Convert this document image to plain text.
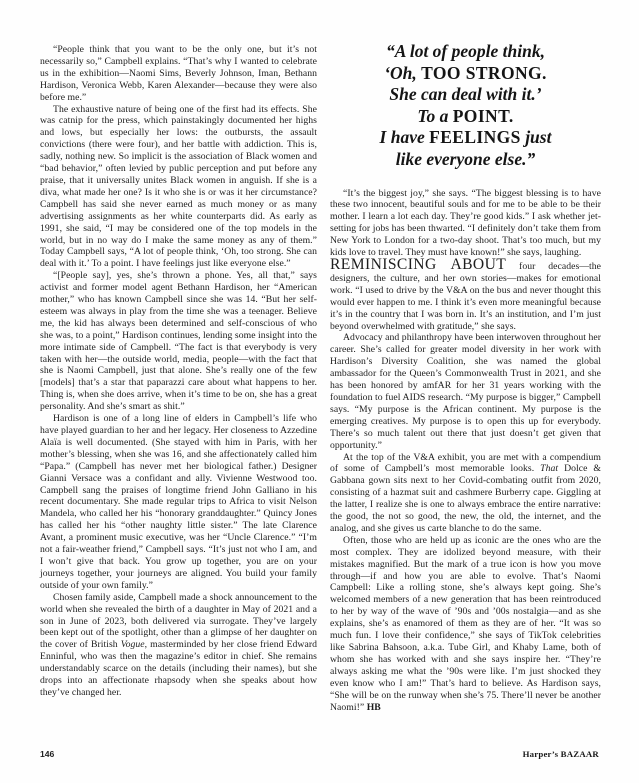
“People think that you want to be the only one, but it’s not necessarily so,” Campbell explains. “That’s why I wanted to celebrate us in the exhibition—Naomi Sims, Beverly Johnson, Iman, Bethann Hardison, Veronica Webb, Karen Alexander—because they were also before me.”

The exhaustive nature of being one of the first had its effects. She was catnip for the press, which painstakingly documented her highs and lows, but especially her lows: the outbursts, the assault convictions (there were four), and her battle with addiction. This is, sadly, nothing new. So implicit is the association of Black women and “bad behavior,” often levied by public perception and put before any praise, that it universally unites Black women in anguish. If she is a diva, what made her one? Is it who she is or was it her circumstance? Campbell has said she never earned as much money or as many advertising assignments as her white counterparts did. As early as 1991, she said, “I may be considered one of the top models in the world, but in no way do I make the same money as any of them.” Today Campbell says, “A lot of people think, ‘Oh, too strong. She can deal with it.’ To a point. I have feelings just like everyone else.”

“[People say], yes, she’s thrown a phone. Yes, all that,” says activist and former model agent Bethann Hardison, her “American mother,” who has known Campbell since she was 14. “But her self-esteem was always in play from the time she was a teenager. Believe me, the kid has always been determined and self-conscious of who she was, to a point,” Hardison continues, lending some insight into the more intimate side of Campbell. “The fact is that everybody is very taken with her—the outside world, media, people—with the fact that she is Naomi Campbell, just that alone. She’s really one of the few [models] that’s a star that paparazzi care about what happens to her. Thing is, when she does arrive, when it’s time to be on, she has a great personality. And she’s smart as shit.”

Hardison is one of a long line of elders in Campbell’s life who have played guardian to her and her legacy. Her closeness to Azzedine Alaïa is well documented. (She stayed with him in Paris, with her mother’s blessing, when she was 16, and she affectionately called him “Papa.” (Campbell has never met her biological father.) Designer Gianni Versace was a confidant and ally. Vivienne Westwood too. Campbell sang the praises of longtime friend John Galliano in his recent documentary. She made regular trips to Africa to visit Nelson Mandela, who called her his “honorary granddaughter.” Quincy Jones has called her his “other naughty little sister.” The late Clarence Avant, a prominent music executive, was her “Uncle Clarence.” “I’m not a fair-weather friend,” Campbell says. “It’s just not who I am, and I won’t give that back. You grow up together, you are on your journeys together, your journeys are aligned. You build your family outside of your own family.”

Chosen family aside, Campbell made a shock announcement to the world when she revealed the birth of a daughter in May of 2021 and a son in June of 2023, both delivered via surrogate. They’ve largely been kept out of the spotlight, other than a glimpse of her daughter on the cover of British Vogue, masterminded by her close friend Edward Enninful, who was then the magazine’s editor in chief. She remains understandably scarce on the details (including their names), but she drops into an affectionate rhapsody when she speaks about how they’ve changed her.

“A lot of people think,
‘Oh, TOO STRONG.
She can deal with it.’
To a POINT.
I have FEELINGS just
like everyone else.”

“It’s the biggest joy,” she says. “The biggest blessing is to have these two innocent, beautiful souls and for me to be able to be their mother. I learn a lot each day. They’re good kids.” I ask whether jet-setting for jobs has been thwarted. “I definitely don’t take them from New York to London for a two-day shoot. That’s too much, but my kids love to travel. They must have known!” she says, laughing.

REMINISCING ABOUT four decades—the designers, the culture, and her own stories—makes for emotional work. “I used to drive by the V&A on the bus and never thought this would ever happen to me. I think it’s even more meaningful because it’s in the country that I was born in. It’s an institution, and I’m just beyond overwhelmed with gratitude,” she says.

Advocacy and philanthropy have been interwoven throughout her career. She’s called for greater model diversity in her work with Hardison’s Diversity Coalition, she was named the global ambassador for the Queen’s Commonwealth Trust in 2021, and she has been honored by amfAR for her 31 years working with the foundation to fuel AIDS research. “My purpose is bigger,” Campbell says. “My purpose is the African continent. My purpose is the emerging creatives. My purpose is to open this up for everybody. There’s so much talent out there that just doesn’t get given that opportunity.”

At the top of the V&A exhibit, you are met with a compendium of some of Campbell’s most memorable looks. That Dolce & Gabbana gown sits next to her Covid-combating outfit from 2020, consisting of a hazmat suit and cashmere Burberry cape. Giggling at the latter, I realize she is one to always embrace the entire narrative: the good, the not so good, the new, the old, the internet, and the analog, and she gives us carte blanche to do the same.

Often, those who are held up as iconic are the ones who are the most complex. They are idolized beyond measure, with their mistakes magnified. But the mark of a true icon is how you move through—if and how you are able to evolve. That’s Naomi Campbell: Like a rolling stone, she’s always kept going. She’s welcomed members of a new generation that has been reintroduced to her by way of the wave of ’90s and ’00s nostalgia—and as she explains, she’s as enamored of them as they are of her. “It was so much fun. I love their confidence,” she says of TikTok celebrities like Sabrina Bahsoon, a.k.a. Tube Girl, and Khaby Lame, both of whom she has worked with and she says inspire her. “They’re always asking me what the ’90s were like. I’m just shocked they even know who I am!” That’s hard to believe. As Hardison says, “She will be on the runway when she’s 75. There’ll never be another Naomi!” HB

146	Harper’s BAZAAR
